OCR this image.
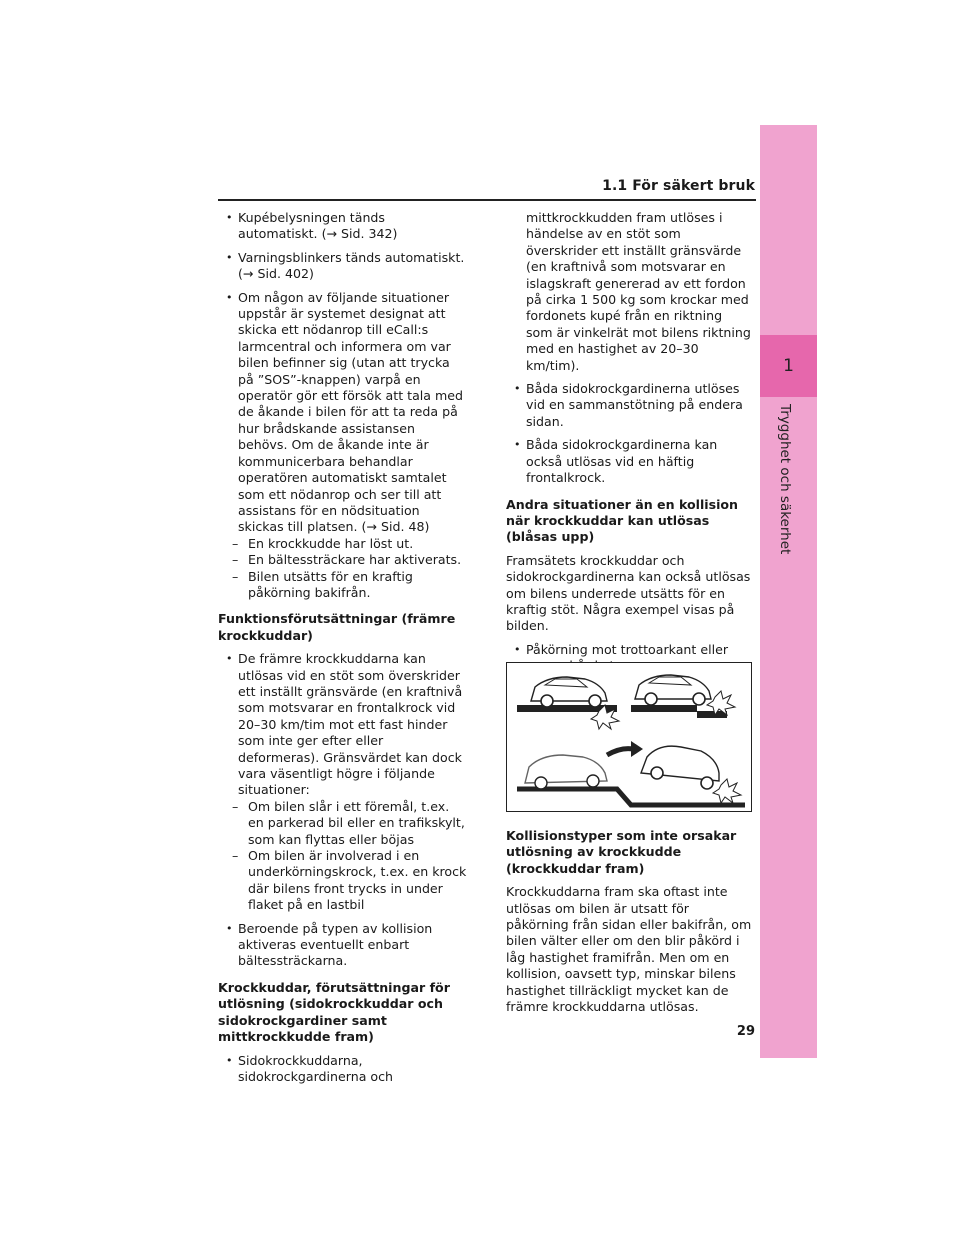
1.1 För säkert bruk
1
Trygghet och säkerhet
• Kupébelysningen tänds automatiskt. (→ Sid. 342)
• Varningsblinkers tänds automatiskt. (→ Sid. 402)
• Om någon av följande situationer uppstår är systemet designat att skicka ett nödanrop till eCall:s larmcentral och informera om var bilen befinner sig (utan att trycka på ”SOS”-knappen) varpå en operatör gör ett försök att tala med de åkande i bilen för att ta reda på hur brådskande assistansen behövs. Om de åkande inte är kommunicerbara behandlar operatören automatiskt samtalet som ett nödanrop och ser till att assistans för en nödsituation skickas till platsen. (→ Sid. 48)
– En krockkudde har löst ut.
– En bältessträckare har aktiverats.
– Bilen utsätts för en kraftig påkörning bakifrån.
Funktionsförutsättningar (främre krockkuddar)
• De främre krockkuddarna kan utlösas vid en stöt som överskrider ett inställt gränsvärde (en kraftnivå som motsvarar en frontalkrock vid 20–30 km/tim mot ett fast hinder som inte ger efter eller deformeras). Gränsvärdet kan dock vara väsentligt högre i följande situationer:
– Om bilen slår i ett föremål, t.ex. en parkerad bil eller en trafikskylt, som kan flyttas eller böjas
– Om bilen är involverad i en underkörningskrock, t.ex. en krock där bilens front trycks in under flaket på en lastbil
• Beroende på typen av kollision aktiveras eventuellt enbart bältessträckarna.
Krockkuddar, förutsättningar för utlösning (sidokrockkuddar och sidokrockgardiner samt mittkrockkudde fram)
• Sidokrockkuddarna, sidokrockgardinerna och
mittkrockkudden fram utlöses i händelse av en stöt som överskrider ett inställt gränsvärde (en kraftnivå som motsvarar en islagskraft genererad av ett fordon på cirka 1 500 kg som krockar med fordonets kupé från en riktning som är vinkelrät mot bilens riktning med en hastighet av 20–30 km/tim).
• Båda sidokrockgardinerna utlöses vid en sammanstötning på endera sidan.
• Båda sidokrockgardinerna kan också utlösas vid en häftig frontalkrock.
Andra situationer än en kollision när krockkuddar kan utlösas (blåsas upp)
Framsätets krockkuddar och sidokrockgardinerna kan också utlösas om bilens underrede utsätts för en kraftig stöt. Några exempel visas på bilden.
• Påkörning mot trottoarkant eller
•
•
Kollisionstyper som inte orsakar utlösning av krockkudde (krockkuddar fram)
Krockkuddarna fram ska oftast inte utlösas om bilen är utsatt för påkörning från sidan eller bakifrån, om bilen välter eller om den blir påkörd i låg hastighet framifrån. Men om en kollision, oavsett typ, minskar bilens hastighet tillräckligt mycket kan de främre krockkuddarna utlösas.
29
